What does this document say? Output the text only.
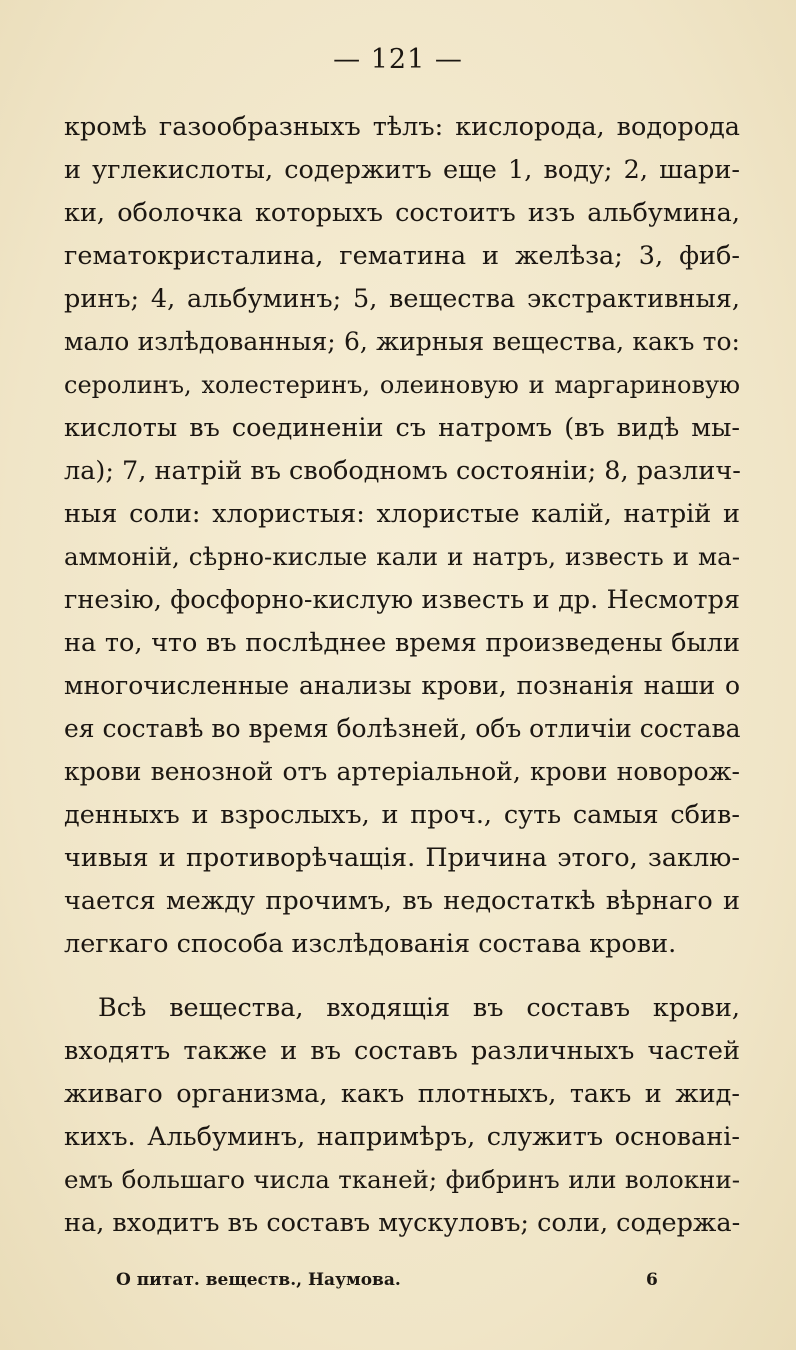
— 121 —
кромѣ газообразныхъ тѣлъ: кислорода, водорода
и углекислоты, содержитъ еще 1, воду; 2, шари-
ки, оболочка которыхъ состоитъ изъ альбумина,
гематокристалина, гематина и желѣза; 3, фиб-
ринъ; 4, альбуминъ; 5, вещества экстрактивныя,
мало излѣдованныя; 6, жирныя вещества, какъ то:
серолинъ, холестеринъ, олеиновую и маргариновую
кислоты въ соединенiи съ натромъ (въ видѣ мы-
ла); 7, натрiй въ свободномъ состоянiи; 8, различ-
ныя соли: хлористыя: хлористые калiй, натрiй и
аммонiй, сѣрно-кислые кали и натръ, известь и ма-
гнезiю, фосфорно-кислую известь и др. Несмотря
на то, что въ послѣднее время произведены были
многочисленные анализы крови, познанiя наши о
ея составѣ во время болѣзней, объ отличiи состава
крови венозной отъ артерiальной, крови новорож-
денныхъ и взрослыхъ, и проч., суть самыя сбив-
чивыя и противорѣчащiя. Причина этого, заклю-
чается между прочимъ, въ недостаткѣ вѣрнаго и
легкаго способа изслѣдованiя состава крови.
Всѣ вещества, входящiя въ составъ крови,
входятъ также и въ составъ различныхъ частей
живаго организма, какъ плотныхъ, такъ и жид-
кихъ. Альбуминъ, напримѣръ, служитъ основанi-
емъ большаго числа тканей; фибринъ или волокни-
на, входитъ въ составъ мускуловъ; соли, содержа-
О питат. веществ., Наумова.	6
